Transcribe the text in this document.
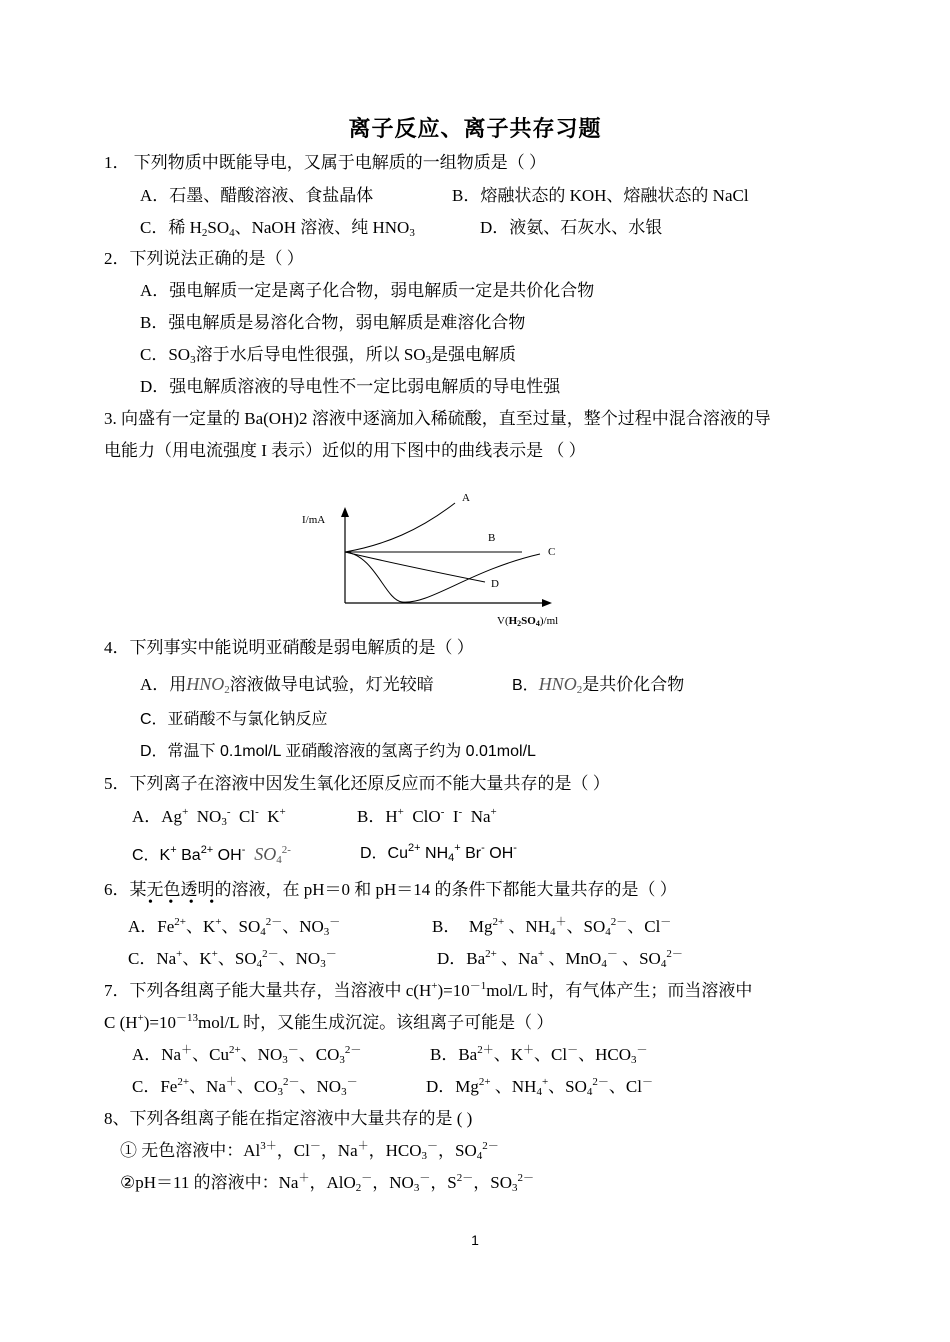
离子反应、离子共存习题
1． 下列物质中既能导电，又属于电解质的一组物质是（ ）
A．石墨、醋酸溶液、食盐晶体	B．熔融状态的 KOH、熔融状态的 NaCl
C．稀 $H_2SO_4$、NaOH 溶液、纯 $HNO_3$	D．液氨、石灰水、水银
2．下列说法正确的是（ ）
A．强电解质一定是离子化合物，弱电解质一定是共价化合物
B．强电解质是易溶化合物，弱电解质是难溶化合物
C．$SO_3$溶于水后导电性很强，所以 $SO_3$是强电解质
D．强电解质溶液的导电性不一定比弱电解质的导电性强
3. 向盛有一定量的 Ba(OH)2 溶液中逐滴加入稀硫酸，直至过量，整个过程中混合溶液的导
电能力（用电流强度 I 表示）近似的用下图中的曲线表示是 （ ）
I/mA
V(H2SO4)/ml
A
B
C
D
4．下列事实中能说明亚硝酸是弱电解质的是（ ）
A．用$HNO_2$溶液做导电试验，灯光较暗	B．$HNO_2$是共价化合物
C．亚硝酸不与氯化钠反应
D．常温下 0.1mol/L 亚硝酸溶液的氢离子约为 0.01mol/L
5．下列离子在溶液中因发生氧化还原反应而不能大量共存的是（ ）
A．Ag+  $NO_3^-$  Cl-  K+	B．H+  ClO-  I-  Na+
C．K+ $Ba^{2+}$ OH- $SO_4^{2-}$	D．$Cu^{2+}$ $NH_4^+$ Br- OH-
6．某无色透明的溶液，在 pH＝0 和 pH＝14 的条件下都能大量共存的是（ ）
• • • •
A．$Fe^{2+}$、K+、$SO_4^{2-}$、$NO_3^-$	B．  $Mg^{2+}$ 、$NH_4^+$、$SO_4^{2-}$、Cl－
C．Na+、K+、$SO_4^{2-}$、$NO_3^-$	D．$Ba^{2+}$ 、Na+ 、MnO$_4$－ 、$SO_4^{2-}$
7．下列各组离子能大量共存，当溶液中 $c(H^+)=10^{-1}mol/L$ 时，有气体产生；而当溶液中
C $(H^+)=10^{-13}mol/L$ 时，又能生成沉淀。该组离子可能是（ ）
A．Na＋、$Cu^{2+}$、$NO_3^-$、$CO_3^{2-}$	B．$Ba^{2+}$、K＋、Cl－、$HCO_3^-$
C．$Fe^{2+}$、Na＋、$CO_3^{2-}$、$NO_3^-$	D．$Mg^{2+}$ 、$NH_4^+$、$SO_4^{2-}$、Cl－
8、下列各组离子能在指定溶液中大量共存的是 ( )
① 无色溶液中：$Al^{3+}$，Cl－，Na＋，$HCO_3^-$，$SO_4^{2-}$
②pH＝11 的溶液中：Na＋，AlO$_2$－，$NO_3^-$，$S^{2-}$，$SO_3^{2-}$
1
